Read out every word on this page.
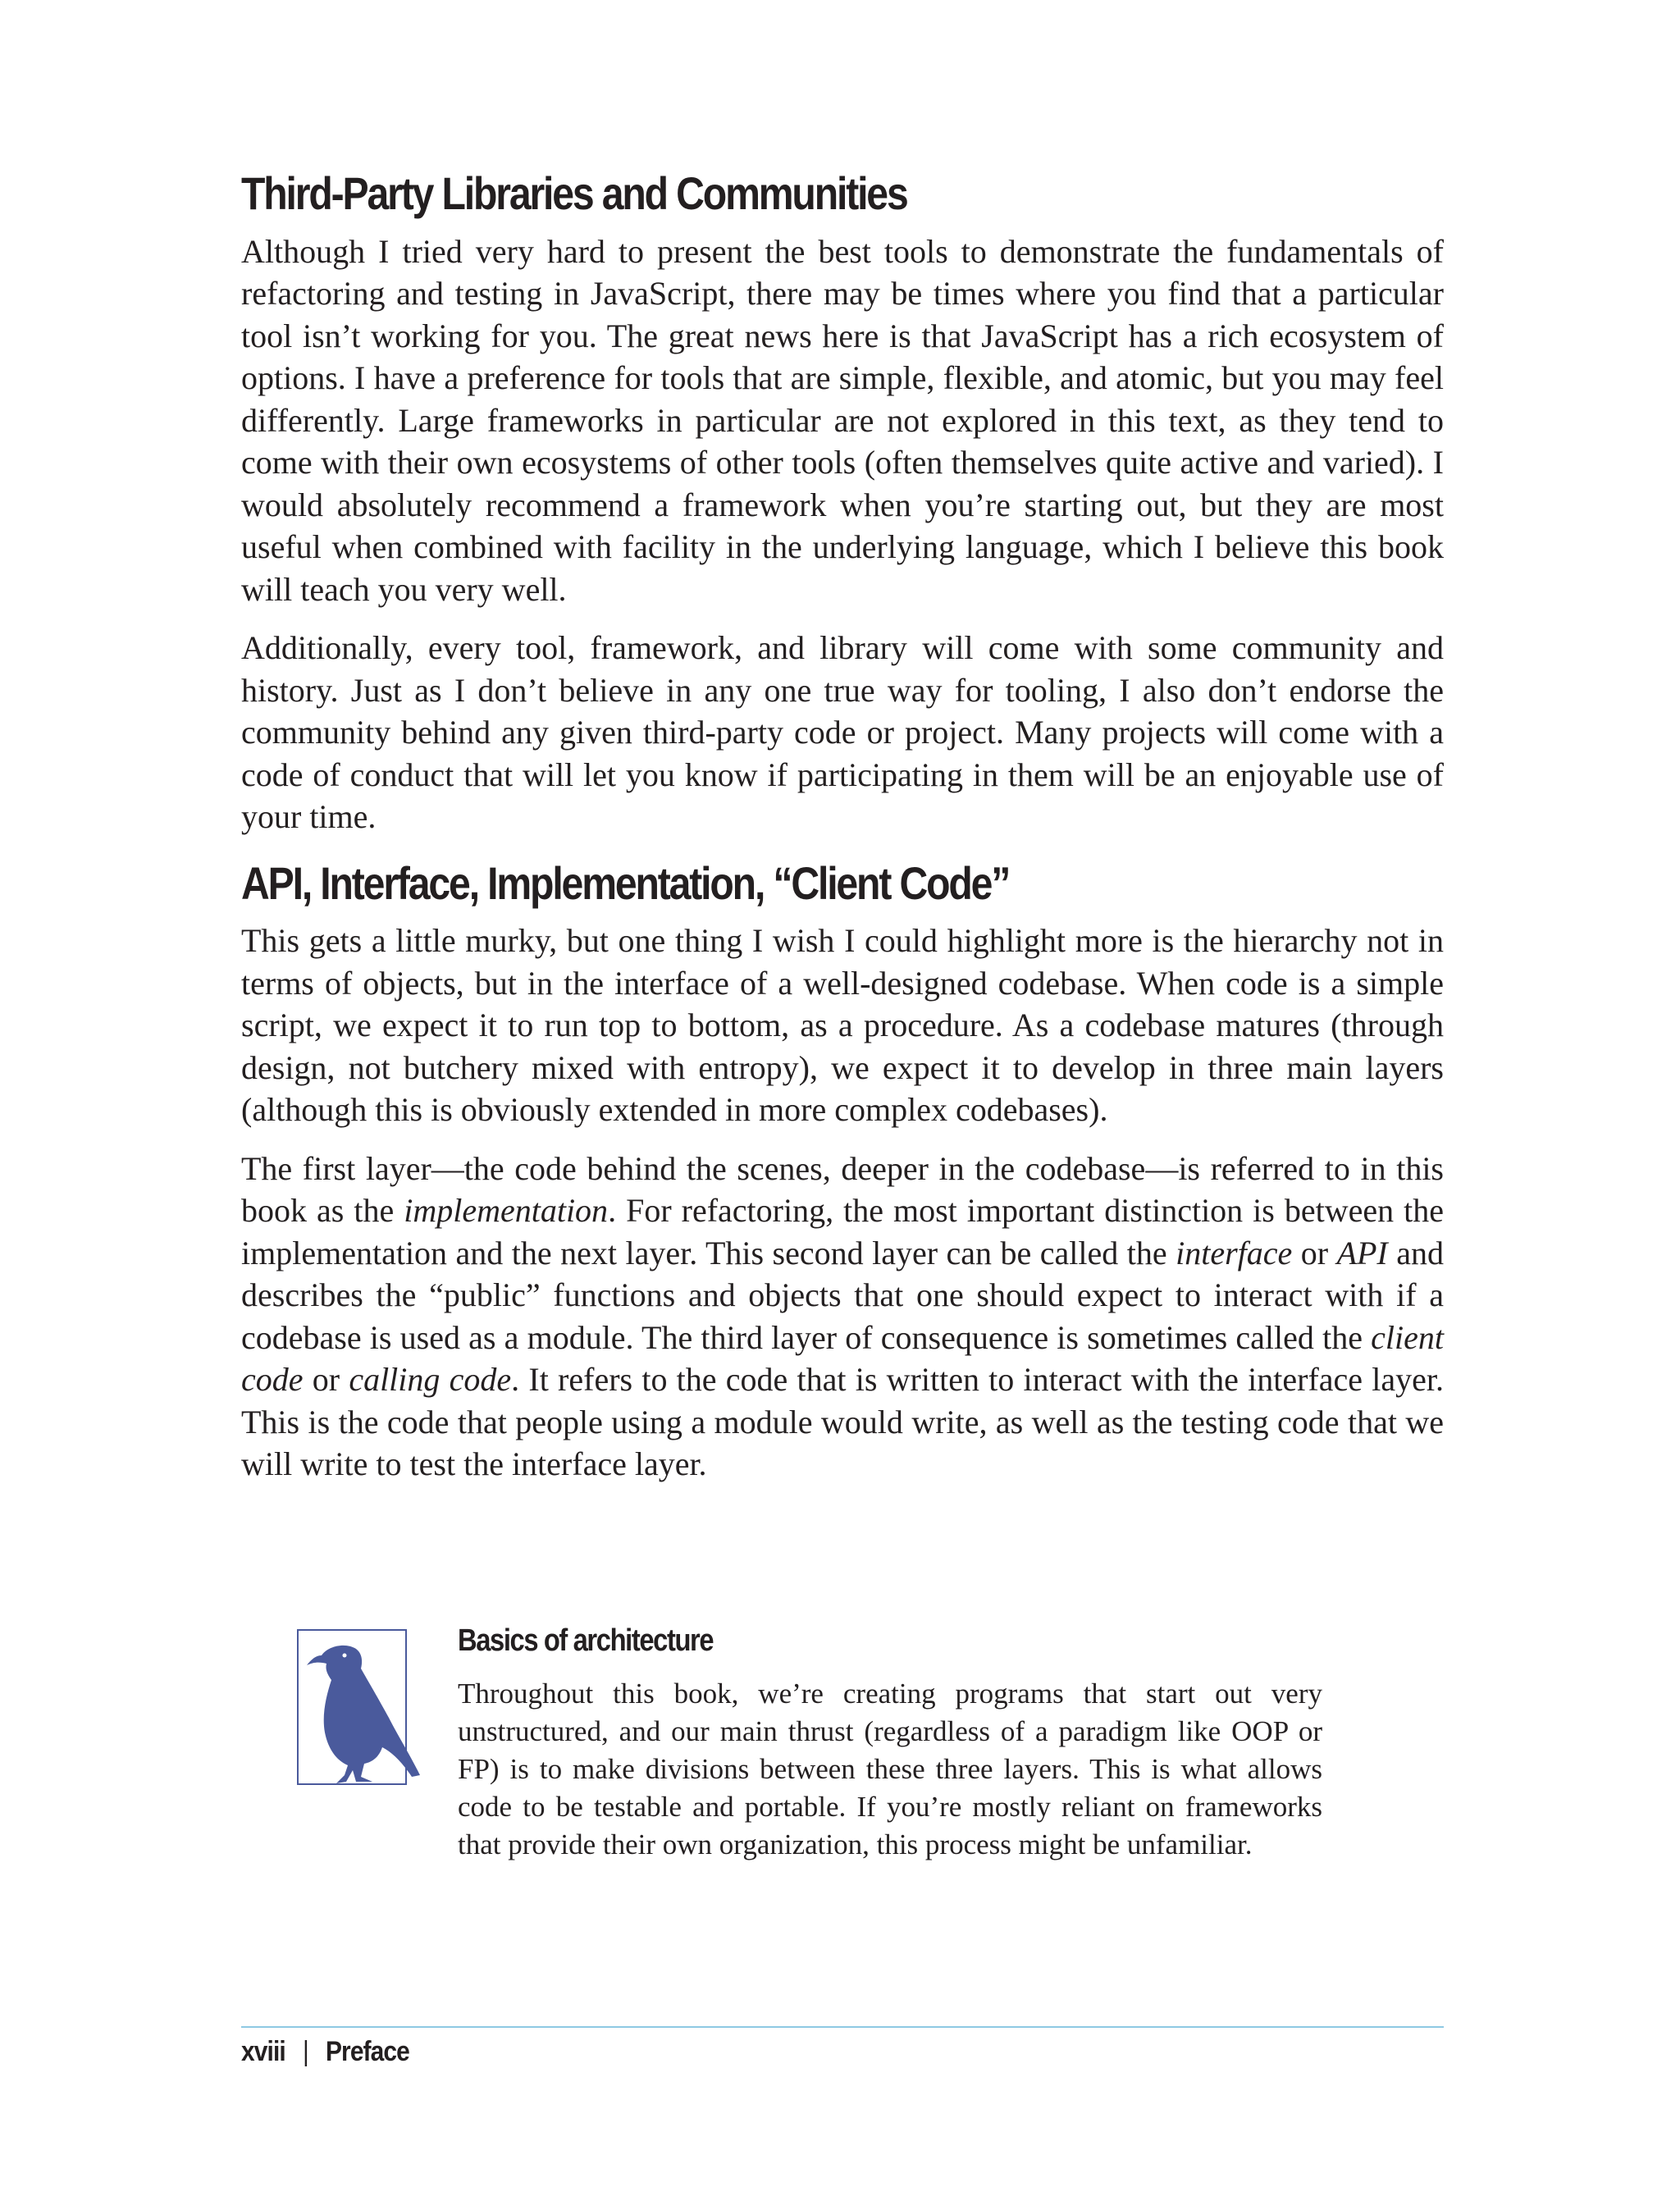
Third-Party Libraries and Communities

Although I tried very hard to present the best tools to demonstrate the fundamentals of refactoring and testing in JavaScript, there may be times where you find that a particular tool isn’t working for you. The great news here is that JavaScript has a rich ecosystem of options. I have a preference for tools that are simple, flexible, and atomic, but you may feel differently. Large frameworks in particular are not explored in this text, as they tend to come with their own ecosystems of other tools (often themselves quite active and varied). I would absolutely recommend a framework when you’re starting out, but they are most useful when combined with facility in the underlying language, which I believe this book will teach you very well.

Additionally, every tool, framework, and library will come with some community and history. Just as I don’t believe in any one true way for tooling, I also don’t endorse the community behind any given third-party code or project. Many projects will come with a code of conduct that will let you know if participating in them will be an enjoyable use of your time.

API, Interface, Implementation, “Client Code”

This gets a little murky, but one thing I wish I could highlight more is the hierarchy not in terms of objects, but in the interface of a well-designed codebase. When code is a simple script, we expect it to run top to bottom, as a procedure. As a codebase matures (through design, not butchery mixed with entropy), we expect it to develop in three main layers (although this is obviously extended in more complex codebases).

The first layer—the code behind the scenes, deeper in the codebase—is referred to in this book as the implementation. For refactoring, the most important distinction is between the implementation and the next layer. This second layer can be called the interface or API and describes the “public” functions and objects that one should expect to interact with if a codebase is used as a module. The third layer of consequence is sometimes called the client code or calling code. It refers to the code that is written to interact with the interface layer. This is the code that people using a module would write, as well as the testing code that we will write to test the interface layer.

Basics of architecture

Throughout this book, we’re creating programs that start out very unstructured, and our main thrust (regardless of a paradigm like OOP or FP) is to make divisions between these three layers. This is what allows code to be testable and portable. If you’re mostly reliant on frameworks that provide their own organization, this process might be unfamiliar.

xviii | Preface
